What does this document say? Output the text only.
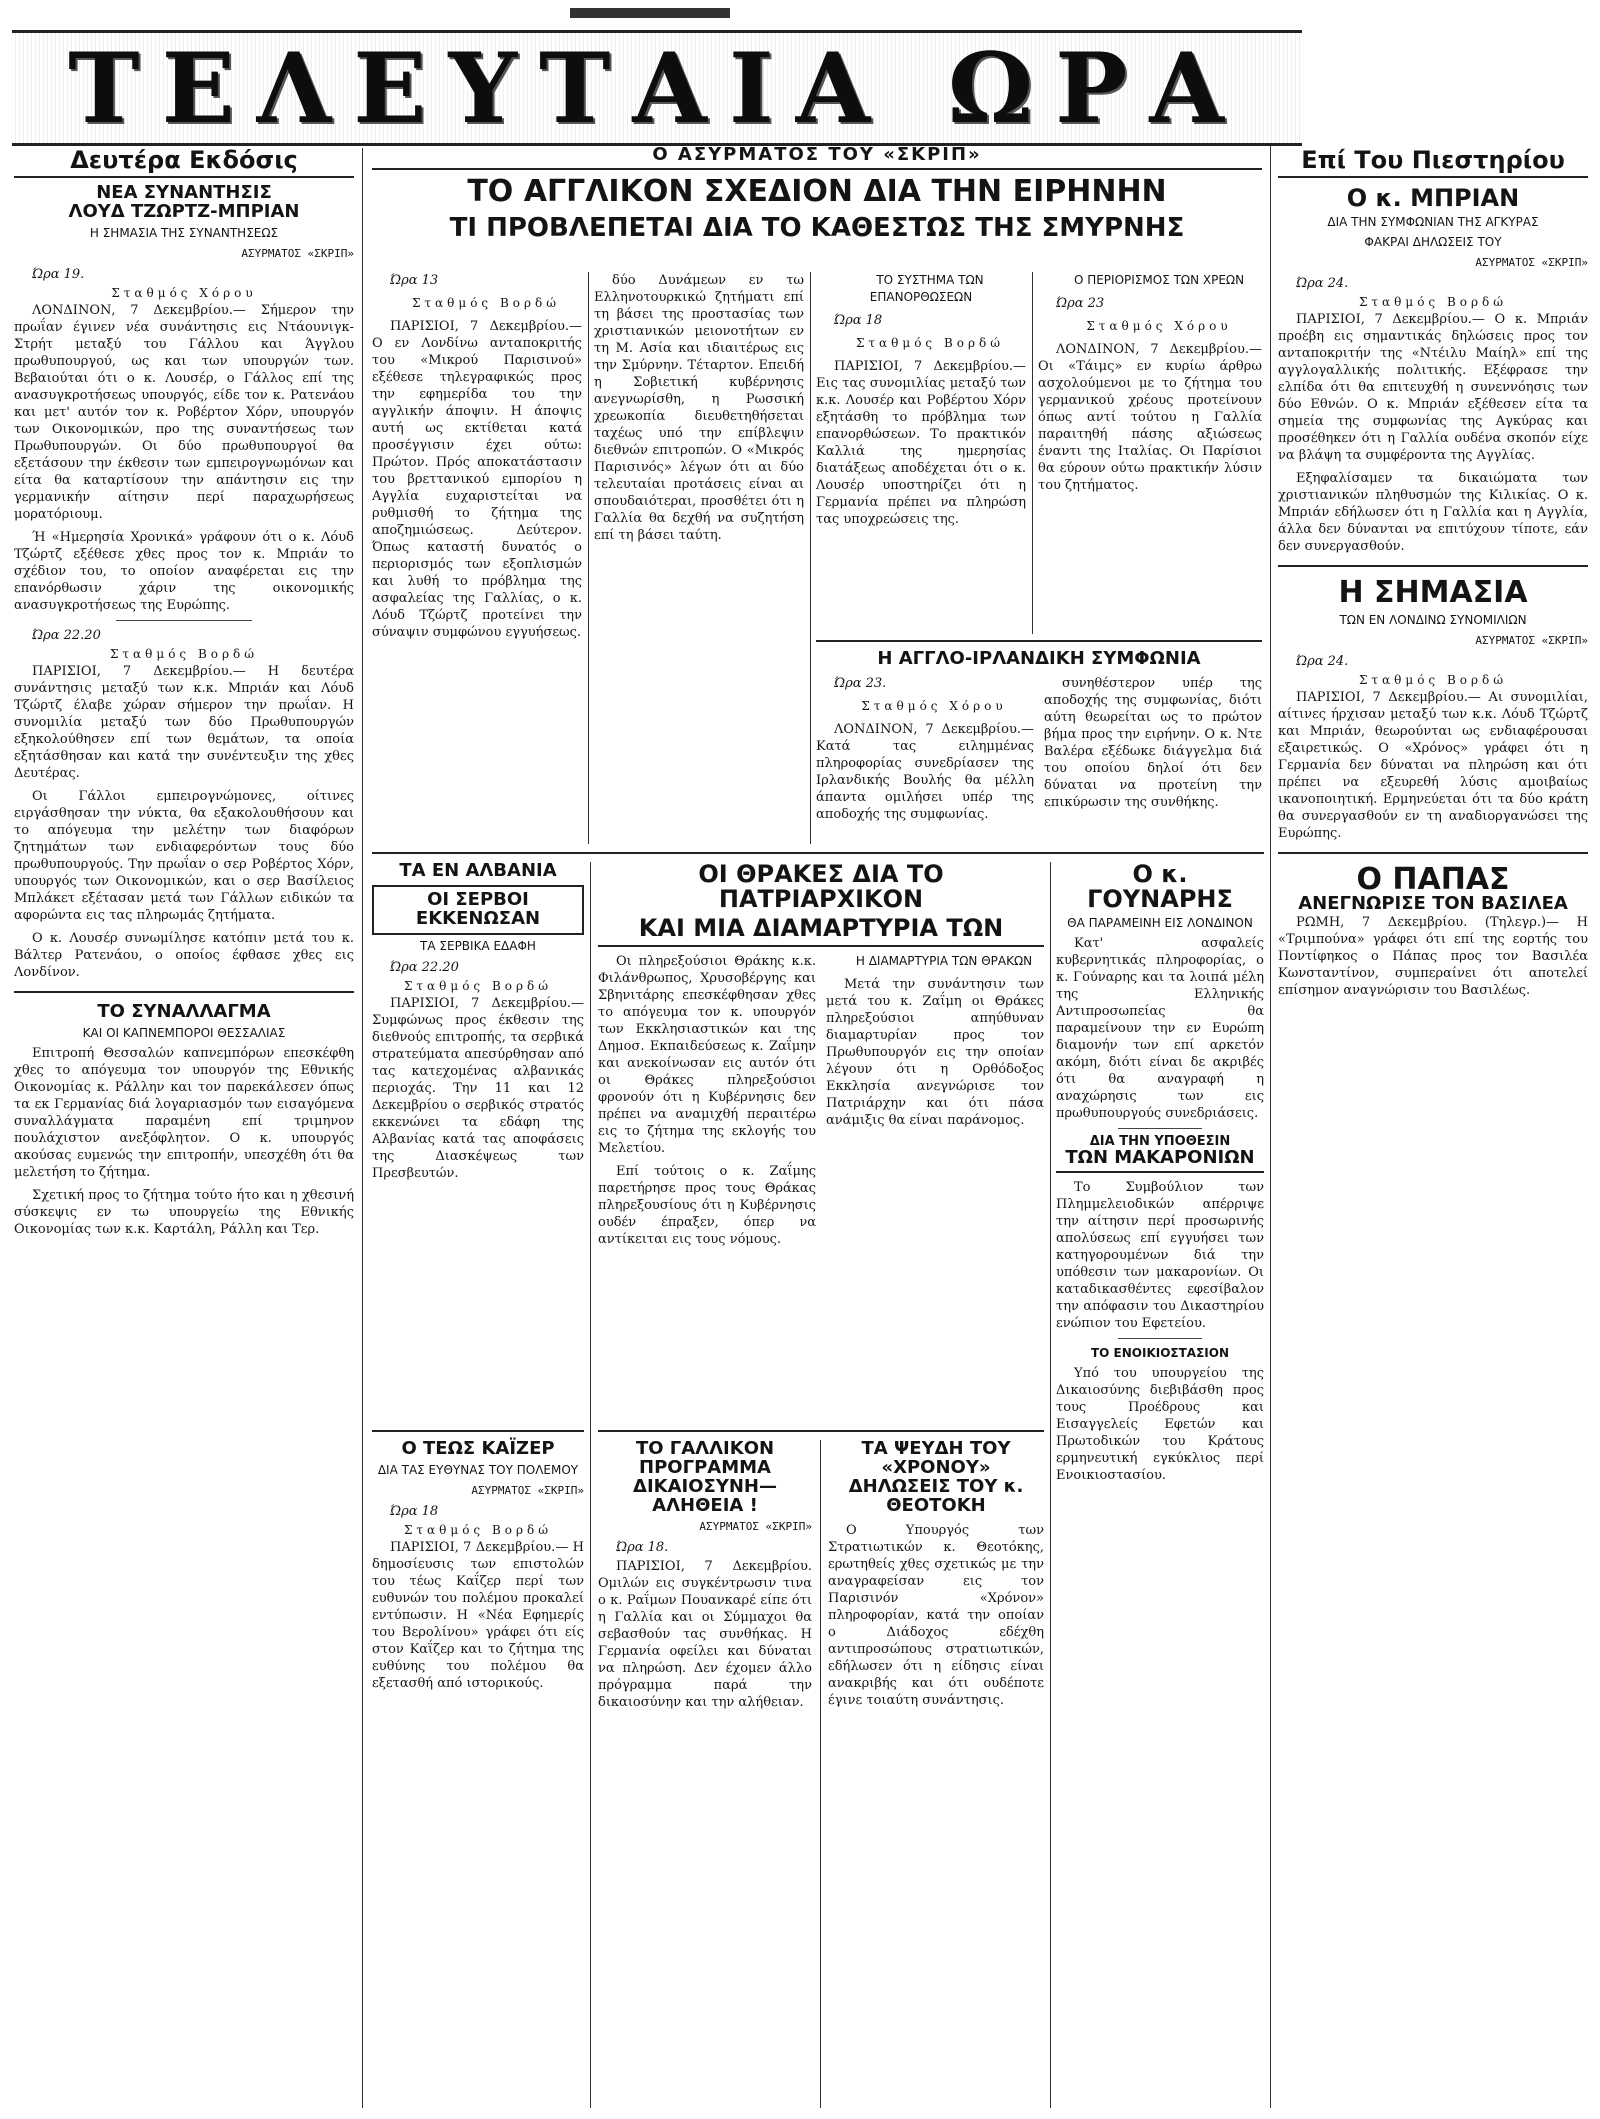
ΤΕΛΕΥΤΑΙΑ ΩΡΑ

Δευτέρα Εκδόσις

ΝΕΑ ΣΥΝΑΝΤΗΣΙΣ

ΛΟΥΔ ΤΖΩΡΤΖ-ΜΠΡΙΑΝ

Η ΣΗΜΑΣΙΑ ΤΗΣ ΣΥΝΑΝΤΗΣΕΩΣ

ΑΣΥΡΜΑΤΟΣ «ΣΚΡΙΠ»

Ώρα 19.

Σταθμός Χόρου

ΛΟΝΔΙΝΟΝ, 7 Δεκεμβρίου.— Σήμερον την πρωΐαν έγινεν νέα συνάντησις εις Ντάουνιγκ-Στρήτ μεταξύ του Γάλλου και Άγγλου πρωθυπουργού, ως και των υπουργών των. Βεβαιούται ότι ο κ. Λουσέρ, ο Γάλλος επί της ανασυγκροτήσεως υπουργός, είδε τον κ. Ρατενάου και μετ' αυτόν τον κ. Ροβέρτον Χόρν, υπουργόν των Οικονομικών, προ της συναντήσεως των Πρωθυπουργών. Οι δύο πρωθυπουργοί θα εξετάσουν την έκθεσιν των εμπειρογνωμόνων και είτα θα καταρτίσουν την απάντησιν εις την γερμανικήν αίτησιν περί παραχωρήσεως μορατόριουμ.

Ή «Ημερησία Χρονικά» γράφουν ότι ο κ. Λόυδ Τζώρτζ εξέθεσε χθες προς τον κ. Μπριάν το σχέδιον του, το οποίον αναφέρεται εις την επανόρθωσιν χάριν της οικονομικής ανασυγκροτήσεως της Ευρώπης.

Ώρα 22.20

Σταθμός Βορδώ

ΠΑΡΙΣΙΟΙ, 7 Δεκεμβρίου.— Η δευτέρα συνάντησις μεταξύ των κ.κ. Μπριάν και Λόυδ Τζώρτζ έλαβε χώραν σήμερον την πρωΐαν. Η συνομιλία μεταξύ των δύο Πρωθυπουργών εξηκολούθησεν επί των θεμάτων, τα οποία εξητάσθησαν και κατά την συνέντευξιν της χθες Δευτέρας.

Οι Γάλλοι εμπειρογνώμονες, οίτινες ειργάσθησαν την νύκτα, θα εξακολουθήσουν και το απόγευμα την μελέτην των διαφόρων ζητημάτων των ενδιαφερόντων τους δύο πρωθυπουργούς. Την πρωΐαν ο σερ Ροβέρτος Χόρν, υπουργός των Οικονομικών, και ο σερ Βασίλειος Μπλάκετ εξέτασαν μετά των Γάλλων ειδικών τα αφορώντα εις τας πληρωμάς ζητήματα.

Ο κ. Λουσέρ συνωμίλησε κατόπιν μετά του κ. Βάλτερ Ρατενάου, ο οποίος έφθασε χθες εις Λονδίνον.

ΤΟ ΣΥΝΑΛΛΑΓΜΑ

ΚΑΙ ΟΙ ΚΑΠΝΕΜΠΟΡΟΙ ΘΕΣΣΑΛΙΑΣ

Επιτροπή Θεσσαλών καπνεμπόρων επεσκέφθη χθες το απόγευμα τον υπουργόν της Εθνικής Οικονομίας κ. Ράλλην και τον παρεκάλεσεν όπως τα εκ Γερμανίας διά λογαριασμόν των εισαγόμενα συναλλάγματα παραμένη επί τριμηνον πουλάχιστον ανεξόφλητον. Ο κ. υπουργός ακούσας ευμενώς την επιτροπήν, υπεσχέθη ότι θα μελετήση το ζήτημα.

Σχετική προς το ζήτημα τούτο ήτο και η χθεσινή σύσκεψις εν τω υπουργείω της Εθνικής Οικονομίας των κ.κ. Καρτάλη, Ράλλη και Τερ.

Ο ΑΣΥΡΜΑΤΟΣ ΤΟΥ «ΣΚΡΙΠ»

ΤΟ ΑΓΓΛΙΚΟΝ ΣΧΕΔΙΟΝ ΔΙΑ ΤΗΝ ΕΙΡΗΝΗΝ

ΤΙ ΠΡΟΒΛΕΠΕΤΑΙ ΔΙΑ ΤΟ ΚΑΘΕΣΤΩΣ ΤΗΣ ΣΜΥΡΝΗΣ

Ώρα 13

Σταθμός Βορδώ

ΠΑΡΙΣΙΟΙ, 7 Δεκεμβρίου.— Ο εν Λονδίνω ανταποκριτής του «Μικρού Παρισινού» εξέθεσε τηλεγραφικώς προς την εφημερίδα του την αγγλικήν άποψιν. Η άποψις αυτή ως εκτίθεται κατά προσέγγισιν έχει ούτω: Πρώτον. Πρός αποκατάστασιν του βρεττανικού εμπορίου η Αγγλία ευχαριστείται να ρυθμισθή το ζήτημα της αποζημιώσεως. Δεύτερον. Όπως καταστή δυνατός ο περιορισμός των εξοπλισμών και λυθή το πρόβλημα της ασφαλείας της Γαλλίας, ο κ. Λόυδ Τζώρτζ προτείνει την σύναψιν συμφώνου εγγυήσεως.

δύο Δυνάμεων εν τω Ελληνοτουρκικώ ζητήματι επί τη βάσει της προστασίας των χριστιανικών μειονοτήτων εν τη Μ. Ασία και ιδιαιτέρως εις την Σμύρνην. Τέταρτον. Επειδή η Σοβιετική κυβέρνησις ανεγνωρίσθη, η Ρωσσική χρεωκοπία διευθετηθήσεται ταχέως υπό την επίβλεψιν διεθνών επιτροπών. Ο «Μικρός Παρισινός» λέγων ότι αι δύο τελευταίαι προτάσεις είναι αι σπουδαιότεραι, προσθέτει ότι η Γαλλία θα δεχθή να συζητήση επί τη βάσει ταύτη.

ΤΟ ΣΥΣΤΗΜΑ ΤΩΝ ΕΠΑΝΟΡΘΩΣΕΩΝ

Ώρα 18

Σταθμός Βορδώ

ΠΑΡΙΣΙΟΙ, 7 Δεκεμβρίου.— Εις τας συνομιλίας μεταξύ των κ.κ. Λουσέρ και Ροβέρτου Χόρν εξητάσθη το πρόβλημα των επανορθώσεων. Το πρακτικόν Καλλιά της ημερησίας διατάξεως αποδέχεται ότι ο κ. Λουσέρ υποστηρίζει ότι η Γερμανία πρέπει να πληρώση τας υποχρεώσεις της.

Ο ΠΕΡΙΟΡΙΣΜΟΣ ΤΩΝ ΧΡΕΩΝ

Ώρα 23

Σταθμός Χόρου

ΛΟΝΔΙΝΟΝ, 7 Δεκεμβρίου.— Οι «Τάιμς» εν κυρίω άρθρω ασχολούμενοι με το ζήτημα του γερμανικού χρέους προτείνουν όπως αντί τούτου η Γαλλία παραιτηθή πάσης αξιώσεως έναντι της Ιταλίας. Οι Παρίσιοι θα εύρουν ούτω πρακτικήν λύσιν του ζητήματος.

Η ΑΓΓΛΟ-ΙΡΛΑΝΔΙΚΗ ΣΥΜΦΩΝΙΑ

Ώρα 23.

Σταθμός Χόρου

ΛΟΝΔΙΝΟΝ, 7 Δεκεμβρίου.— Κατά τας ειλημμένας πληροφορίας συνεδρίασεν της Ιρλανδικής Βουλής θα μέλλη άπαντα ομιλήσει υπέρ της αποδοχής της συμφωνίας.

συνηθέστερον υπέρ της αποδοχής της συμφωνίας, διότι αύτη θεωρείται ως το πρώτον βήμα προς την ειρήνην. Ο κ. Ντε Βαλέρα εξέδωκε διάγγελμα διά του οποίου δηλοί ότι δεν δύναται να προτείνη την επικύρωσιν της συνθήκης.

Επί Του Πιεστηρίου

Ο κ. ΜΠΡΙΑΝ

ΔΙΑ ΤΗΝ ΣΥΜΦΩΝΙΑΝ ΤΗΣ ΑΓΚΥΡΑΣ

ΦΑΚΡΑΙ ΔΗΛΩΣΕΙΣ ΤΟΥ

ΑΣΥΡΜΑΤΟΣ «ΣΚΡΙΠ»

Ώρα 24.

Σταθμός Βορδώ

ΠΑΡΙΣΙΟΙ, 7 Δεκεμβρίου.— Ο κ. Μπριάν προέβη εις σημαντικάς δηλώσεις προς τον ανταποκριτήν της «Ντέιλυ Μαίηλ» επί της αγγλογαλλικής πολιτικής. Εξέφρασε την ελπίδα ότι θα επιτευχθή η συνεννόησις των δύο Εθνών. Ο κ. Μπριάν εξέθεσεν είτα τα σημεία της συμφωνίας της Αγκύρας και προσέθηκεν ότι η Γαλλία ουδένα σκοπόν είχε να βλάψη τα συμφέροντα της Αγγλίας.

Εξηφαλίσαμεν τα δικαιώματα των χριστιανικών πληθυσμών της Κιλικίας. Ο κ. Μπριάν εδήλωσεν ότι η Γαλλία και η Αγγλία, άλλα δεν δύνανται να επιτύχουν τίποτε, εάν δεν συνεργασθούν.

Η ΣΗΜΑΣΙΑ

ΤΩΝ ΕΝ ΛΟΝΔΙΝΩ ΣΥΝΟΜΙΛΙΩΝ

ΑΣΥΡΜΑΤΟΣ «ΣΚΡΙΠ»

Ώρα 24.

Σταθμός Βορδώ

ΠΑΡΙΣΙΟΙ, 7 Δεκεμβρίου.— Αι συνομιλίαι, αίτινες ήρχισαν μεταξύ των κ.κ. Λόυδ Τζώρτζ και Μπριάν, θεωρούνται ως ενδιαφέρουσαι εξαιρετικώς. Ο «Χρόνος» γράφει ότι η Γερμανία δεν δύναται να πληρώση και ότι πρέπει να εξευρεθή λύσις αμοιβαίως ικανοποιητική. Ερμηνεύεται ότι τα δύο κράτη θα συνεργασθούν εν τη αναδιοργανώσει της Ευρώπης.

Ο ΠΑΠΑΣ

ΑΝΕΓΝΩΡΙΣΕ ΤΟΝ ΒΑΣΙΛΕΑ

ΡΩΜΗ, 7 Δεκεμβρίου. (Τηλεγρ.)— Η «Τριμπούνα» γράφει ότι επί της εορτής του Ποντίφηκος ο Πάπας προς τον Βασιλέα Κωνσταντίνον, συμπεραίνει ότι αποτελεί επίσημον αναγνώρισιν του Βασιλέως.

ΤΑ ΕΝ ΑΛΒΑΝΙΑ

ΟΙ ΣΕΡΒΟΙ ΕΚΚΕΝΩΣΑΝ

ΤΑ ΣΕΡΒΙΚΑ ΕΔΑΦΗ

Ώρα 22.20

Σταθμός Βορδώ

ΠΑΡΙΣΙΟΙ, 7 Δεκεμβρίου.— Συμφώνως προς έκθεσιν της διεθνούς επιτροπής, τα σερβικά στρατεύματα απεσύρθησαν από τας κατεχομένας αλβανικάς περιοχάς. Την 11 και 12 Δεκεμβρίου ο σερβικός στρατός εκκενώνει τα εδάφη της Αλβανίας κατά τας αποφάσεις της Διασκέψεως των Πρεσβευτών.

Ο ΤΕΩΣ ΚΑΪΖΕΡ

ΔΙΑ ΤΑΣ ΕΥΘΥΝΑΣ ΤΟΥ ΠΟΛΕΜΟΥ

ΑΣΥΡΜΑΤΟΣ «ΣΚΡΙΠ»

Ώρα 18

Σταθμός Βορδώ

ΠΑΡΙΣΙΟΙ, 7 Δεκεμβρίου.— Η δημοσίευσις των επιστολών του τέως Καΐζερ περί των ευθυνών του πολέμου προκαλεί εντύπωσιν. Η «Νέα Εφημερίς του Βερολίνου» γράφει ότι είς στον Καΐζερ και το ζήτημα της ευθύνης του πολέμου θα εξετασθή από ιστορικούς.

ΟΙ ΘΡΑΚΕΣ ΔΙΑ ΤΟ ΠΑΤΡΙΑΡΧΙΚΟΝ

ΚΑΙ ΜΙΑ ΔΙΑΜΑΡΤΥΡΙΑ ΤΩΝ

Οι πληρεξούσιοι Θράκης κ.κ. Φιλάνθρωπος, Χρυσοβέργης και Σβηνιτάρης επεσκέφθησαν χθες το απόγευμα τον κ. υπουργόν των Εκκλησιαστικών και της Δημοσ. Εκπαιδεύσεως κ. Ζαΐμην και ανεκοίνωσαν εις αυτόν ότι οι Θράκες πληρεξούσιοι φρονούν ότι η Κυβέρνησις δεν πρέπει να αναμιχθή περαιτέρω εις το ζήτημα της εκλογής του Μελετίου.

Επί τούτοις ο κ. Ζαΐμης παρετήρησε προς τους Θράκας πληρεξουσίους ότι η Κυβέρνησις ουδέν έπραξεν, όπερ να αντίκειται εις τους νόμους.

Η ΔΙΑΜΑΡΤΥΡΙΑ ΤΩΝ ΘΡΑΚΩΝ

Μετά την συνάντησιν των μετά του κ. Ζαΐμη οι Θράκες πληρεξούσιοι απηύθυναν διαμαρτυρίαν προς τον Πρωθυπουργόν εις την οποίαν λέγουν ότι η Ορθόδοξος Εκκλησία ανεγνώρισε τον Πατριάρχην και ότι πάσα ανάμιξις θα είναι παράνομος.

ΤΟ ΓΑΛΛΙΚΟΝ ΠΡΟΓΡΑΜΜΑ

ΔΙΚΑΙΟΣΥΝΗ—ΑΛΗΘΕΙΑ !

ΑΣΥΡΜΑΤΟΣ «ΣΚΡΙΠ»

Ώρα 18.

ΠΑΡΙΣΙΟΙ, 7 Δεκεμβρίου. Ομιλών εις συγκέντρωσιν τινα ο κ. Ραΐμων Πουανκαρέ είπε ότι η Γαλλία και οι Σύμμαχοι θα σεβασθούν τας συνθήκας. Η Γερμανία οφείλει και δύναται να πληρώση. Δεν έχομεν άλλο πρόγραμμα παρά την δικαιοσύνην και την αλήθειαν.

ΤΑ ΨΕΥΔΗ ΤΟΥ «ΧΡΟΝΟΥ»

ΔΗΛΩΣΕΙΣ ΤΟΥ κ. ΘΕΟΤΟΚΗ

Ο Υπουργός των Στρατιωτικών κ. Θεοτόκης, ερωτηθείς χθες σχετικώς με την αναγραφείσαν εις τον Παρισινόν «Χρόνον» πληροφορίαν, κατά την οποίαν ο Διάδοχος εδέχθη αντιπροσώπους στρατιωτικών, εδήλωσεν ότι η είδησις είναι ανακριβής και ότι ουδέποτε έγινε τοιαύτη συνάντησις.

Ο κ. ΓΟΥΝΑΡΗΣ

ΘΑ ΠΑΡΑΜΕΙΝΗ ΕΙΣ ΛΟΝΔΙΝΟΝ

Κατ' ασφαλείς κυβερνητικάς πληροφορίας, ο κ. Γούναρης και τα λοιπά μέλη της Ελληνικής Αντιπροσωπείας θα παραμείνουν την εν Ευρώπη διαμονήν των επί αρκετόν ακόμη, διότι είναι δε ακριβές ότι θα αναγραφή η αναχώρησις των εις πρωθυπουργούς συνεδριάσεις.

ΔΙΑ ΤΗΝ ΥΠΟΘΕΣΙΝ

ΤΩΝ ΜΑΚΑΡΟΝΙΩΝ

Το Συμβούλιον των Πλημμελειοδικών απέρριψε την αίτησιν περί προσωρινής απολύσεως επί εγγυήσει των κατηγορουμένων διά την υπόθεσιν των μακαρονίων. Οι καταδικασθέντες εφεσίβαλον την απόφασιν του Δικαστηρίου ενώπιον του Εφετείου.

ΤΟ ΕΝΟΙΚΙΟΣΤΑΣΙΟΝ

Υπό του υπουργείου της Δικαιοσύνης διεβιβάσθη προς τους Προέδρους και Εισαγγελείς Εφετών και Πρωτοδικών του Κράτους ερμηνευτική εγκύκλιος περί Ενοικιοστασίου.
